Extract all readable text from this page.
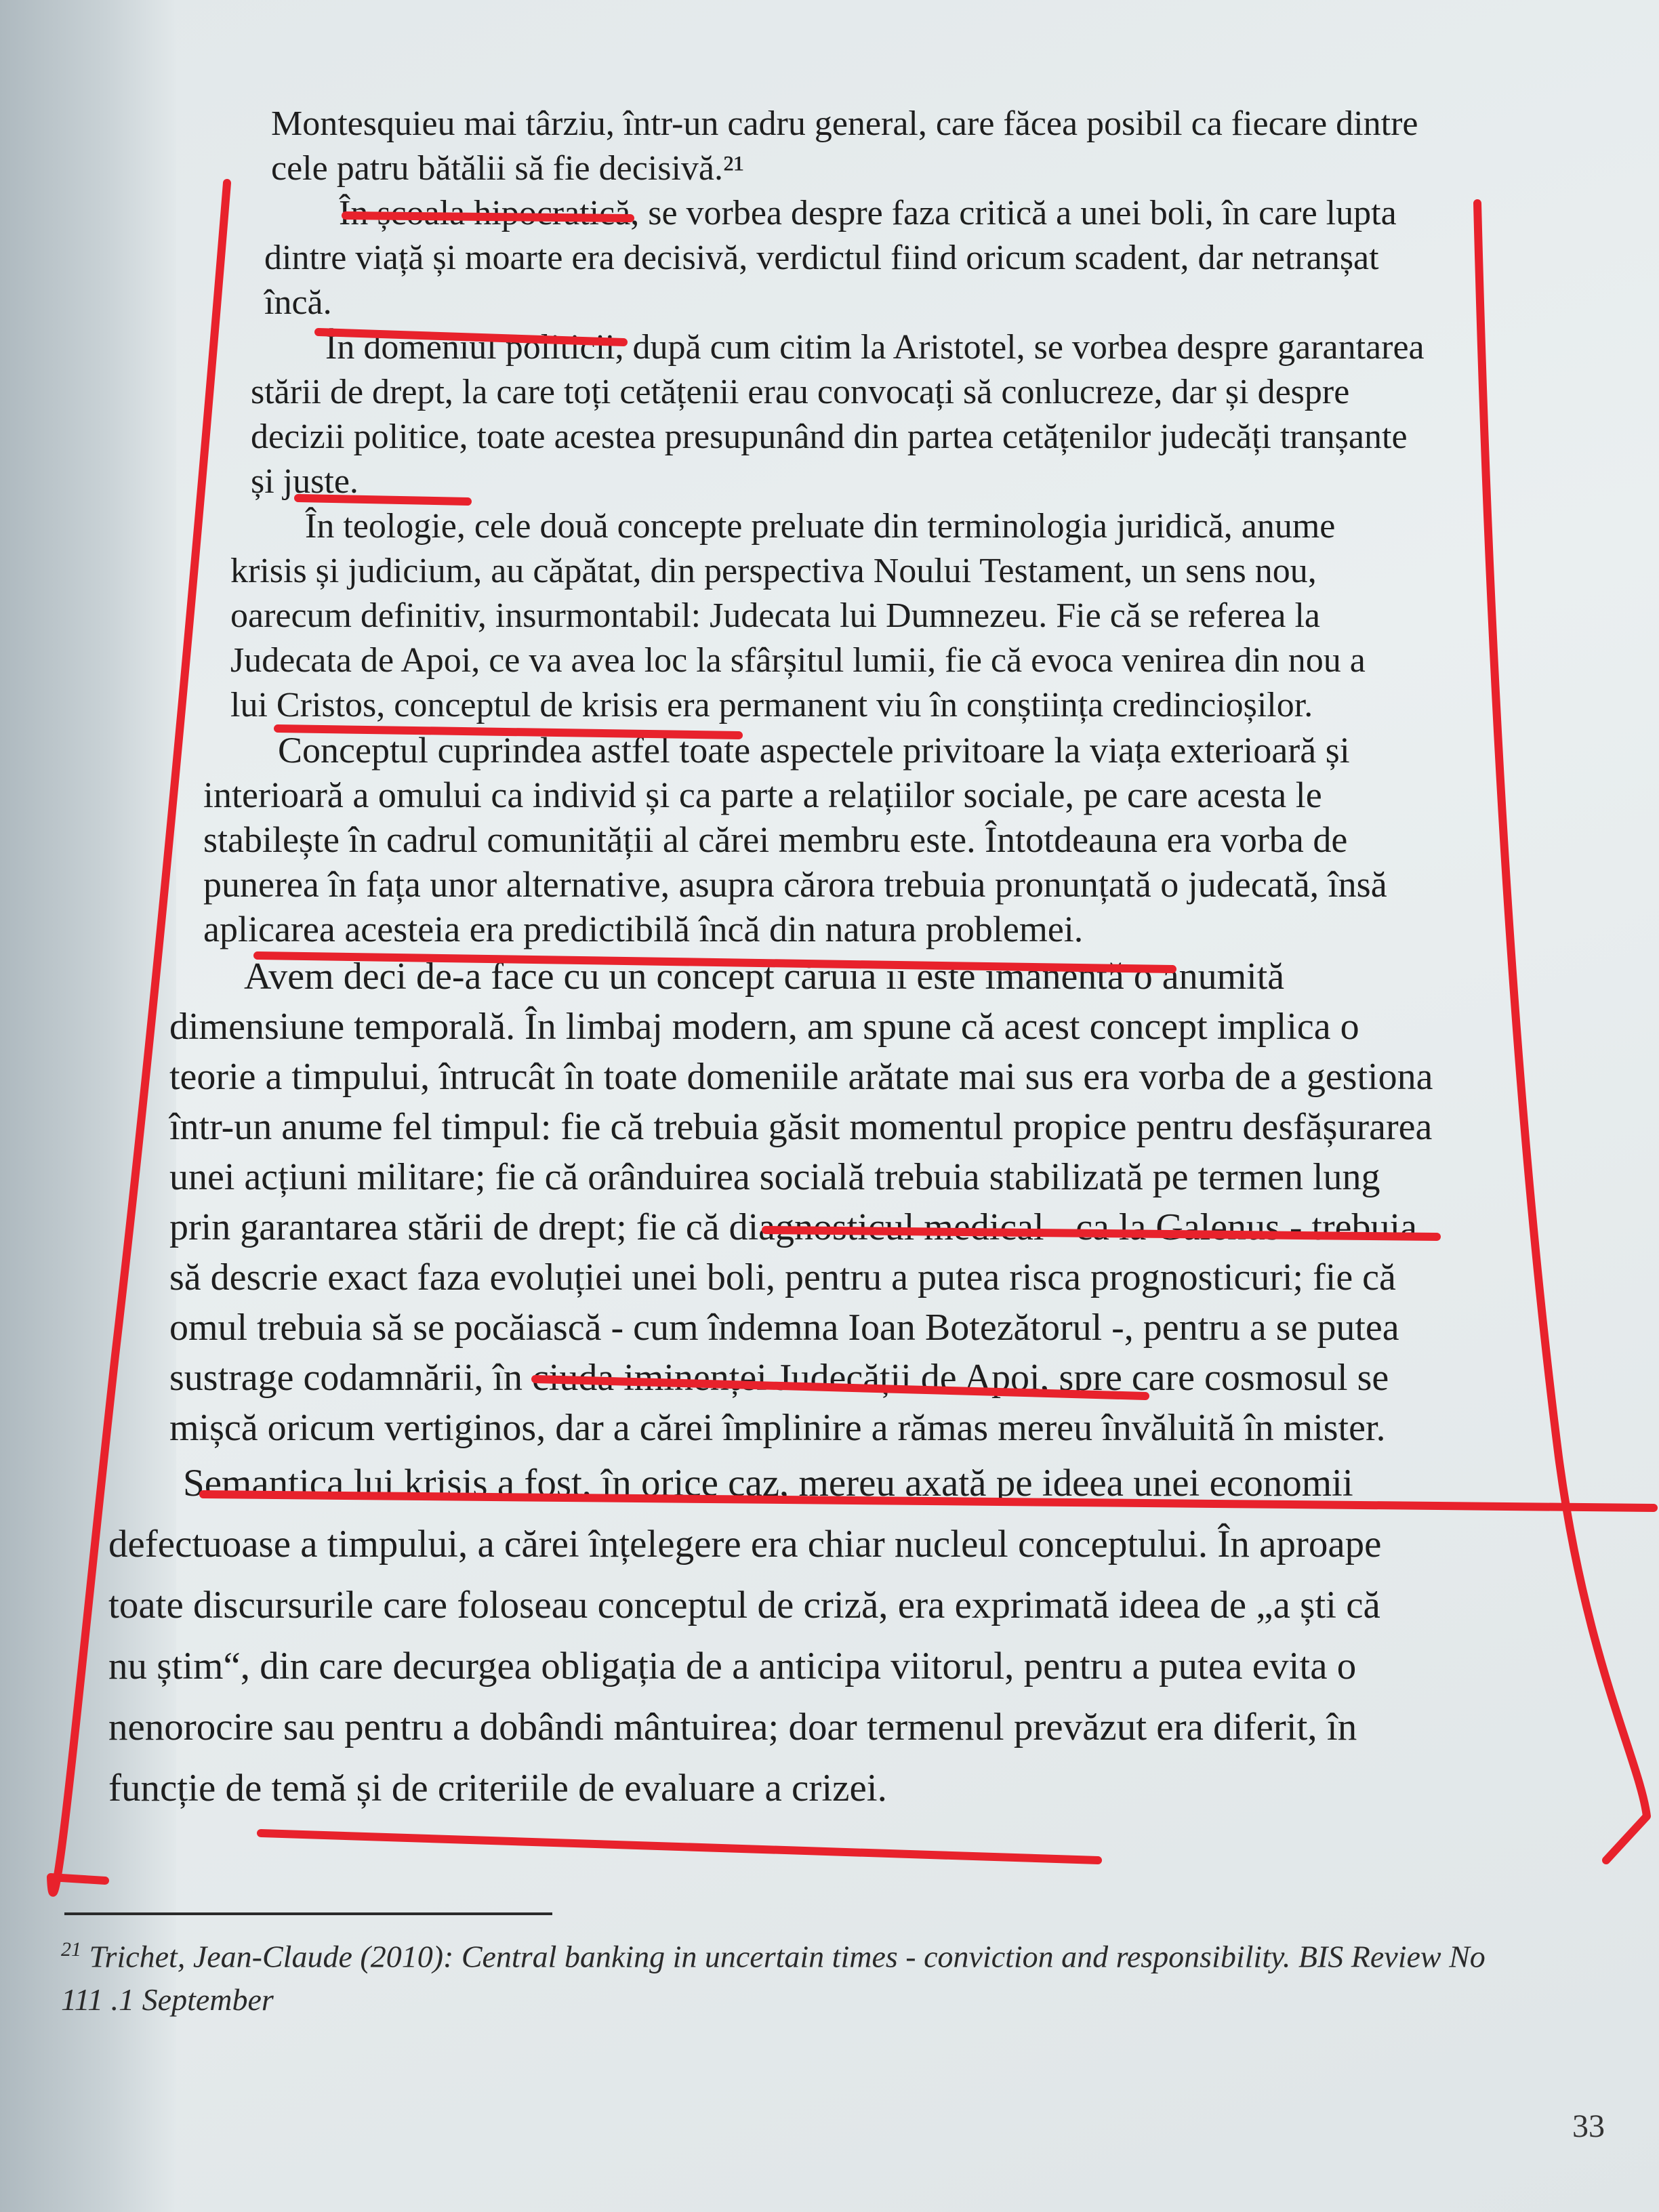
Montesquieu mai târziu, într-un cadru general, care făcea posibil ca fiecare dintre

cele patru bătălii să fie decisivă.²¹

În școala hipocratică, se vorbea despre faza critică a unei boli, în care lupta

dintre viață și moarte era decisivă, verdictul fiind oricum scadent, dar netranșat

încă.

În domeniul politicii, după cum citim la Aristotel, se vorbea despre garantarea

stării de drept, la care toți cetățenii erau convocați să conlucreze, dar și despre

decizii politice, toate acestea presupunând din partea cetățenilor judecăți tranșante

și juste.

În teologie, cele două concepte preluate din terminologia juridică, anume

krisis și judicium, au căpătat, din perspectiva Noului Testament, un sens nou,

oarecum definitiv, insurmontabil: Judecata lui Dumnezeu. Fie că se referea la

Judecata de Apoi, ce va avea loc la sfârșitul lumii, fie că evoca venirea din nou a

lui Cristos, conceptul de krisis era permanent viu în conștiința credincioșilor.

Conceptul cuprindea astfel toate aspectele privitoare la viața exterioară și

interioară a omului ca individ și ca parte a relațiilor sociale, pe care acesta le

stabilește în cadrul comunității al cărei membru este. Întotdeauna era vorba de

punerea în fața unor alternative, asupra cărora trebuia pronunțată o judecată, însă

aplicarea acesteia era predictibilă încă din natura problemei.

Avem deci de-a face cu un concept căruia îi este imanentă o anumită

dimensiune temporală. În limbaj modern, am spune că acest concept implica o

teorie a timpului, întrucât în toate domeniile arătate mai sus era vorba de a gestiona

într-un anume fel timpul: fie că trebuia găsit momentul propice pentru desfășurarea

unei acțiuni militare; fie că orânduirea socială trebuia stabilizată pe termen lung

prin garantarea stării de drept; fie că diagnosticul medical - ca la Galenus - trebuia

să descrie exact faza evoluției unei boli, pentru a putea risca prognosticuri; fie că

omul trebuia să se pocăiască - cum îndemna Ioan Botezătorul -, pentru a se putea

sustrage codamnării, în ciuda iminenței Judecății de Apoi, spre care cosmosul se

mișcă oricum vertiginos, dar a cărei împlinire a rămas mereu învăluită în mister.

Semantica lui krisis a fost, în orice caz, mereu axată pe ideea unei economii

defectuoase a timpului, a cărei înțelegere era chiar nucleul conceptului. În aproape

toate discursurile care foloseau conceptul de criză, era exprimată ideea de „a ști că

nu știm“, din care decurgea obligația de a anticipa viitorul, pentru a putea evita o

nenorocire sau pentru a dobândi mântuirea; doar termenul prevăzut era diferit, în

funcție de temă și de criteriile de evaluare a crizei.

$^{21}$ Trichet, Jean-Claude (2010): Central banking in uncertain times - conviction and responsibility. BIS Review No
111 .1 September
33
